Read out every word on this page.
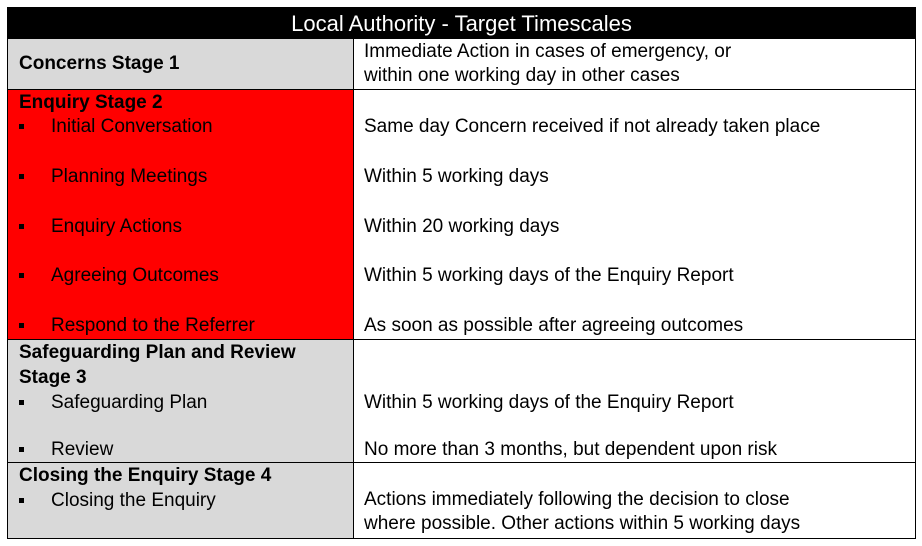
Local Authority - Target Timescales
Concerns Stage 1
Immediate Action in cases of emergency, or
within one working day in other cases
Enquiry Stage 2
Initial Conversation
Planning Meetings
Enquiry Actions
Agreeing Outcomes
Respond to the Referrer
Same day Concern received if not already taken place
Within 5 working days
Within 20 working days
Within 5 working days of the Enquiry Report
As soon as possible after agreeing outcomes
Safeguarding Plan and Review
Stage 3
Safeguarding Plan
Review
Within 5 working days of the Enquiry Report
No more than 3 months, but dependent upon risk
Closing the Enquiry Stage 4
Closing the Enquiry	Actions immediately following the decision to close
where possible. Other actions within 5 working days
